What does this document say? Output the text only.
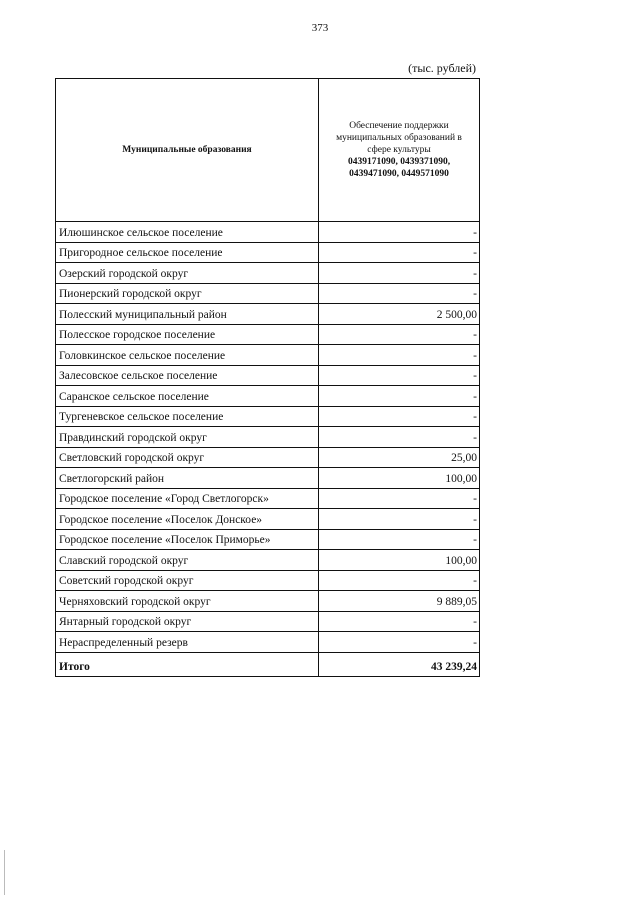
373
(тыс. рублей)
Муниципальные образования	Обеспечение поддержки
муниципальных образований в
сфере культуры
0439171090, 0439371090,
0439471090, 0449571090

Илюшинское сельское поселение	-
Пригородное сельское поселение	-
Озерский городской округ	-
Пионерский городской округ	-
Полесский муниципальный район	2 500,00
Полесское городское поселение	-
Головкинское сельское поселение	-
Залесовское сельское поселение	-
Саранское сельское поселение	-
Тургеневское сельское поселение	-
Правдинский городской округ	-
Светловский городской округ	25,00
Светлогорский район	100,00
Городское поселение «Город Светлогорск»	-
Городское поселение «Поселок Донское»	-
Городское поселение «Поселок Приморье»	-
Славский городской округ	100,00
Советский городской округ	-
Черняховский городской округ	9 889,05
Янтарный городской округ	-
Нераспределенный резерв	-
Итого	43 239,24
